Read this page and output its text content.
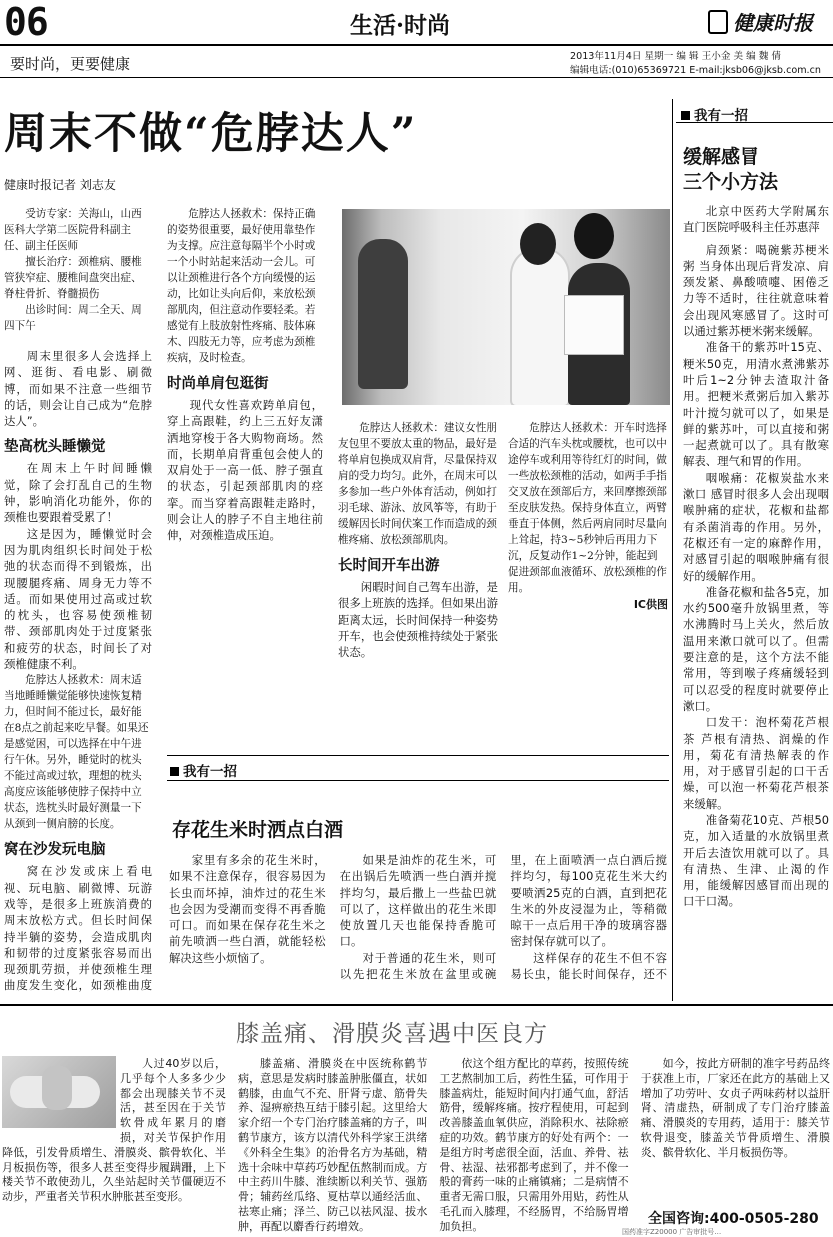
06	生活·时尚	健康时报
要时尚，更要健康	2013年11月4日 星期一 编 辑 王小金 美 编 魏 倩
编辑电话:(010)65369721 E-mail:jksb06@jksb.com.cn
周末不做“危脖达人”
健康时报记者 刘志友

受访专家：关海山，山西医科大学第二医院骨科副主任、副主任医师

擅长治疗：颈椎病、腰椎管狭窄症、腰椎间盘突出症、脊柱骨折、脊髓损伤

出诊时间：周二全天、周四下午

周末里很多人会选择上网、逛街、看电影、刷微博，而如果不注意一些细节的话，则会让自己成为“危脖达人”。

垫高枕头睡懒觉

在周末上午时间睡懒觉，除了会打乱自己的生物钟，影响消化功能外，你的颈椎也要跟着受累了！

这是因为，睡懒觉时会因为肌肉组织长时间处于松弛的状态而得不到锻炼，出现腰腿疼痛、周身无力等不适。而如果使用过高或过软的枕头，也容易使颈椎韧带、颈部肌肉处于过度紧张和疲劳的状态，时间长了对颈椎健康不利。

危脖达人拯救术：周末适当地睡睡懒觉能够快速恢复精力，但时间不能过长，最好能在8点之前起来吃早餐。如果还是感觉困，可以选择在中午进行午休。另外，睡觉时的枕头不能过高或过软，理想的枕头高度应该能够使脖子保持中立状态，选枕头时最好测量一下从颈到一侧肩膀的长度。

窝在沙发玩电脑

窝在沙发或床上看电视、玩电脑、刷微博、玩游戏等，是很多上班族消费的周末放松方式。但长时间保持半躺的姿势，会造成肌肉和韧带的过度紧张容易而出现颈肌劳损，并使颈椎生理曲度发生变化，如颈椎曲度

危脖达人拯救术：保持正确的姿势很重要，最好使用靠垫作为支撑。应注意每隔半个小时或一个小时站起来活动一会儿。可以让颈椎进行各个方向缓慢的运动，比如让头向后仰，来放松颈部肌肉，但注意动作要轻柔。若感觉有上肢放射性疼痛、肢体麻木、四肢无力等，应考虑为颈椎疾病，及时检查。

时尚单肩包逛街

现代女性喜欢跨单肩包，穿上高跟鞋，约上三五好友潇洒地穿梭于各大购物商场。然而，长期单肩背重包会使人的双肩处于一高一低、脖子强直的状态，引起颈部肌肉的痉挛。而当穿着高跟鞋走路时，则会让人的脖子不自主地往前伸，对颈椎造成压迫。

危脖达人拯救术：建议女性朋友包里不要放太重的物品，最好是将单肩包换成双肩背，尽量保持双肩的受力均匀。此外，在周末可以多参加一些户外体育活动，例如打羽毛球、游泳、放风筝等，有助于缓解因长时间伏案工作而造成的颈椎疼痛、放松颈部肌肉。

长时间开车出游

闲暇时间自己驾车出游，是很多上班族的选择。但如果出游距离太远，长时间保持一种姿势开车，也会使颈椎持续处于紧张状态。

危脖达人拯救术：开车时选择合适的汽车头枕或腰枕，也可以中途停车或利用等待红灯的时间，做一些放松颈椎的活动，如两手手指交叉放在颈部后方，来回摩擦颈部至皮肤发热。保持身体直立，两臂垂直于体侧，然后两肩同时尽量向上耸起，持3~5秒钟后再用力下沉，反复动作1~2分钟，能起到促进颈部血液循环、放松颈椎的作用。

IC供图
我有一招
存花生米时洒点白酒

家里有多余的花生米时，如果不注意保存，很容易因为长虫而坏掉，油炸过的花生米也会因为受潮而变得不再香脆可口。而如果在保存花生米之前先喷洒一些白酒，就能轻松解决这些小烦恼了。

如果是油炸的花生米，可在出锅后先喷洒一些白酒并搅拌均匀，最后撒上一些盐巴就可以了，这样做出的花生米即使放置几天也能保持香脆可口。

对于普通的花生米，则可以先把花生米放在盆里或碗里，在上面喷洒一点白酒后搅拌均匀，每100克花生米大约要喷洒25克的白酒，直到把花生米的外皮浸湿为止，等稍微晾干一点后用干净的玻璃容器密封保存就可以了。

这样保存的花生不但不容易长虫，能长时间保存，还不

我有一招
缓解感冒
三个小方法

北京中医药大学附属东直门医院呼吸科主任苏惠萍

肩颈紧：喝碗紫苏梗米粥 当身体出现后背发凉、肩颈发紧、鼻酸喷嚏、困倦乏力等不适时，往往就意味着会出现风寒感冒了。这时可以通过紫苏梗米粥来缓解。

准备干的紫苏叶15克、粳米50克，用清水煮沸紫苏叶后1~2分钟去渣取汁备用。把粳米煮粥后加入紫苏叶汁搅匀就可以了，如果是鲜的紫苏叶，可以直接和粥一起煮就可以了。具有散寒解表、理气和胃的作用。

咽喉痛：花椒炭盐水来漱口 感冒时很多人会出现咽喉肿痛的症状，花椒和盐都有杀菌消毒的作用。另外，花椒还有一定的麻醉作用，对感冒引起的咽喉肿痛有很好的缓解作用。

准备花椒和盐各5克，加水约500毫升放锅里煮，等水沸腾时马上关火，然后放温用来漱口就可以了。但需要注意的是，这个方法不能常用，等到喉子疼痛缓轻到可以忍受的程度时就要停止漱口。

口发干：泡杯菊花芦根茶 芦根有清热、润燥的作用，菊花有清热解表的作用，对于感冒引起的口干舌燥，可以泡一杯菊花芦根茶来缓解。

准备菊花10克、芦根50克，加入适量的水放锅里煮开后去渣饮用就可以了。具有清热、生津、止渴的作用，能缓解因感冒而出现的口干口渴。

膝盖痛、滑膜炎喜遇中医良方

人过40岁以后，几乎每个人多多少少都会出现膝关节不灵活，甚至因在于关节软骨成年累月的磨损，对关节保护作用降低，引发骨质增生、滑膜炎、髌骨软化、半月板损伤等，很多人甚至变得步履蹒跚，上下楼关节不敢使劲儿，久坐站起时关节僵硬迈不动步，严重者关节积水肿胀甚至变形。

膝盖痛、滑膜炎在中医统称鹤节病，意思是发病时膝盖肿胀僵直，状如鹤膝，由血气不充、肝肾亏虚、筋骨失养、湿痹瘀热互结于膝引起。这里给大家介绍一个专门治疗膝盖痛的方子，叫鹤节康方，该方以清代外科学家王洪绪《外科全生集》的治骨名方为基础，精选十余味中草药巧妙配伍熬制而成。方中主药川牛膝、淮续断以利关节、强筋骨；辅药丝瓜络、夏枯草以通经活血、祛寒止痛；泽兰、防己以祛风湿、拔水肿，再配以麝香行药增效。

依这个组方配比的草药，按照传统工艺熬制加工后，药性生猛，可作用于膝盖病灶，能短时间内打通气血，舒活筋骨，缓解疼痛。按疗程使用，可起到改善膝盖血氧供应，消除积水、祛除瘀症的功效。鹤节康方的好处有两个：一是组方时考虑很全面，活血、养骨、祛骨、祛湿、祛邪都考虑到了，并不像一般的膏药一味的止痛镇痛；二是病情不重者无需口服，只需用外用贴，药性从毛孔而入膝理，不经肠胃，不给肠胃增加负担。

如今，按此方研制的准字号药品终于获准上市，厂家还在此方的基础上又增加了功劳叶、女贞子两味药材以益肝肾、清虚热，研制成了专门治疗膝盖痛、滑膜炎的专用药，适用于：膝关节软骨退变，膝盖关节骨质增生、滑膜炎、髌骨软化、半月板损伤等。

全国咨询:400-0505-280
国药准字Z20000 广告审批号…
